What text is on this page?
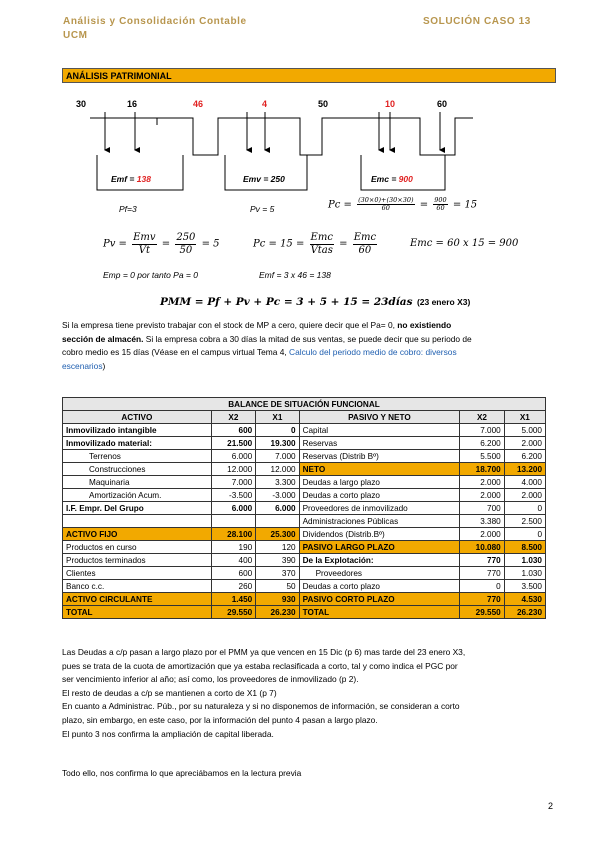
Análisis y Consolidación Contable
UCM
SOLUCIÓN CASO 13
ANÁLISIS PATRIMONIAL
30	16	46	4	50	10	60
Emf = 138	Emv = 250	Emc = 900
Pf=3	Pv = 5	$Pc = \frac{(30\times 0)+(30\times 30)}{60} = \frac{900}{60} = 15$
$Pv = \frac{\text{Emv}}{Vt} = \frac{250}{50} = 5$	$Pc = 15 = \frac{\text{Emc}}{\text{Vtas}} = \frac{\text{Emc}}{60}$	Emc = 60 x 15 = 900
Emp = 0 por tanto Pa = 0	Emf = 3 x 46 = 138
PMM = Pf + Pv + Pc = 3 + 5 + 15 = 23días (23 enero X3)
Si la empresa tiene previsto trabajar con el stock de MP a cero, quiere decir que el Pa= 0, no existiendo
sección de almacén. Si la empresa cobra a 30 días la mitad de sus ventas, se puede decir que su periodo de
cobro medio es 15 días (Véase en el campus virtual Tema 4, Calculo del periodo medio de cobro: diversos
escenarios)
BALANCE DE SITUACIÓN FUNCIONAL					
ACTIVO	X2	X1	PASIVO Y NETO	X2	X1
Inmovilizado intangible	600	0	Capital	7.000	5.000
Inmovilizado material:	21.500	19.300	Reservas	6.200	2.000
Terrenos	6.000	7.000	Reservas (Distrib Bº)	5.500	6.200
Construcciones	12.000	12.000	NETO	18.700	13.200
Maquinaria	7.000	3.300	Deudas a largo plazo	2.000	4.000
Amortización Acum.	-3.500	-3.000	Deudas a corto plazo	2.000	2.000
I.F. Empr. Del Grupo	6.000	6.000	Proveedores de inmovilizado	700	0
			Administraciones Públicas	3.380	2.500
ACTIVO FIJO	28.100	25.300	Dividendos (Distrib.Bº)	2.000	0
Productos en curso	190	120	PASIVO LARGO PLAZO	10.080	8.500
Productos terminados	400	390	De la Explotación:	770	1.030
Clientes	600	370	Proveedores	770	1.030
Banco c.c.	260	50	Deudas a corto plazo	0	3.500
ACTIVO CIRCULANTE	1.450	930	PASIVO CORTO PLAZO	770	4.530
TOTAL	29.550	26.230	TOTAL	29.550	26.230
Las Deudas a c/p pasan a largo plazo por el PMM ya que vencen en 15 Dic (p 6) mas tarde del 23 enero X3,
pues se trata de la cuota de amortización que ya estaba reclasificada a corto, tal y como indica el PGC por
ser vencimiento inferior al año; así como, los proveedores de inmovilizado (p 2).
El resto de deudas a c/p se mantienen a corto de X1 (p 7)
En cuanto a Administrac. Púb., por su naturaleza y si no disponemos de información, se consideran a corto
plazo, sin embargo, en este caso, por la información del punto 4 pasan a largo plazo.
El punto 3 nos confirma la ampliación de capital liberada.
Todo ello, nos confirma lo que apreciábamos en la lectura previa
2
